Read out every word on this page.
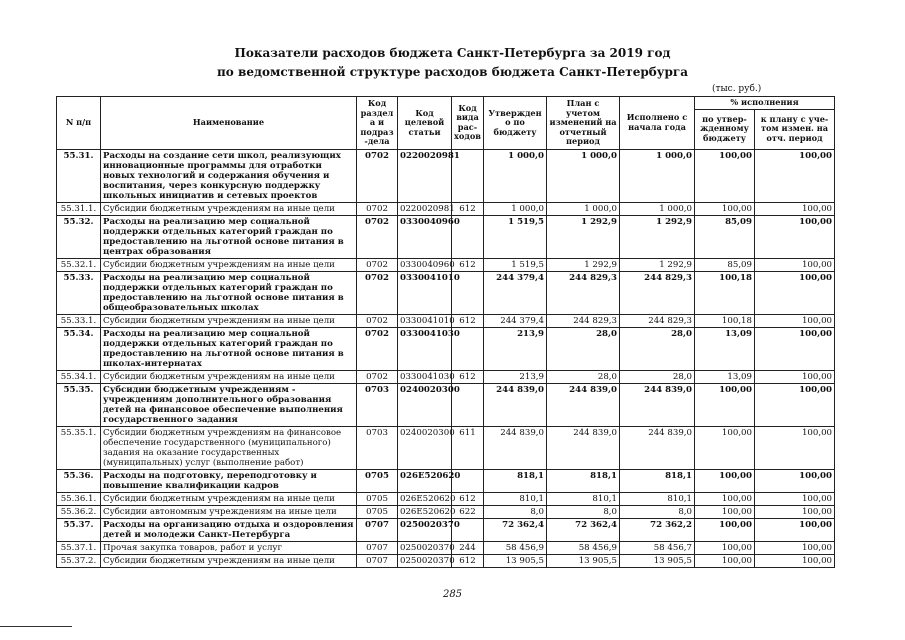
Показатели расходов бюджета Санкт-Петербурга за 2019 год
по ведомственной структуре расходов бюджета Санкт-Петербурга
(тыс. руб.)
N п/п	Наименование	Код раздела и подраз-дела	Код целевой статьи	Код вида рас-ходов	Утверждено по бюджету	План с учетом изменений на отчетный период	Исполнено с начала года	% исполнения	
								по утвер-жденному бюджету	к плану с уче-том измен. на отч. период
55.31.	Расходы на создание сети школ, реализующих инновационные программы для отработки новых технологий и содержания обучения и воспитания, через конкурсную поддержку школьных инициатив и сетевых проектов	0702	0220020981		1 000,0	1 000,0	1 000,0	100,00	100,00
55.31.1.	Субсидии бюджетным учреждениям на иные цели	0702	0220020981	612	1 000,0	1 000,0	1 000,0	100,00	100,00
55.32.	Расходы на реализацию мер социальной поддержки отдельных категорий граждан по предоставлению на льготной основе питания в центрах образования	0702	0330040960		1 519,5	1 292,9	1 292,9	85,09	100,00
55.32.1.	Субсидии бюджетным учреждениям на иные цели	0702	0330040960	612	1 519,5	1 292,9	1 292,9	85,09	100,00
55.33.	Расходы на реализацию мер социальной поддержки отдельных категорий граждан по предоставлению на льготной основе питания в общеобразовательных школах	0702	0330041010		244 379,4	244 829,3	244 829,3	100,18	100,00
55.33.1.	Субсидии бюджетным учреждениям на иные цели	0702	0330041010	612	244 379,4	244 829,3	244 829,3	100,18	100,00
55.34.	Расходы на реализацию мер социальной поддержки отдельных категорий граждан по предоставлению на льготной основе питания в школах-интернатах	0702	0330041030		213,9	28,0	28,0	13,09	100,00
55.34.1.	Субсидии бюджетным учреждениям на иные цели	0702	0330041030	612	213,9	28,0	28,0	13,09	100,00
55.35.	Субсидии бюджетным учреждениям - учреждениям дополнительного образования детей на финансовое обеспечение выполнения государственного задания	0703	0240020300		244 839,0	244 839,0	244 839,0	100,00	100,00
55.35.1.	Субсидии бюджетным учреждениям на финансовое обеспечение государственного (муниципального) задания на оказание государственных (муниципальных) услуг (выполнение работ)	0703	0240020300	611	244 839,0	244 839,0	244 839,0	100,00	100,00
55.36.	Расходы на подготовку, переподготовку и повышение квалификации кадров	0705	026Е520620		818,1	818,1	818,1	100,00	100,00
55.36.1.	Субсидии бюджетным учреждениям на иные цели	0705	026Е520620	612	810,1	810,1	810,1	100,00	100,00
55.36.2.	Субсидии автономным учреждениям на иные цели	0705	026Е520620	622	8,0	8,0	8,0	100,00	100,00
55.37.	Расходы на организацию отдыха и оздоровления детей и молодежи Санкт-Петербурга	0707	0250020370		72 362,4	72 362,4	72 362,2	100,00	100,00
55.37.1.	Прочая закупка товаров, работ и услуг	0707	0250020370	244	58 456,9	58 456,9	58 456,7	100,00	100,00
55.37.2.	Субсидии бюджетным учреждениям на иные цели	0707	0250020370	612	13 905,5	13 905,5	13 905,5	100,00	100,00
285
